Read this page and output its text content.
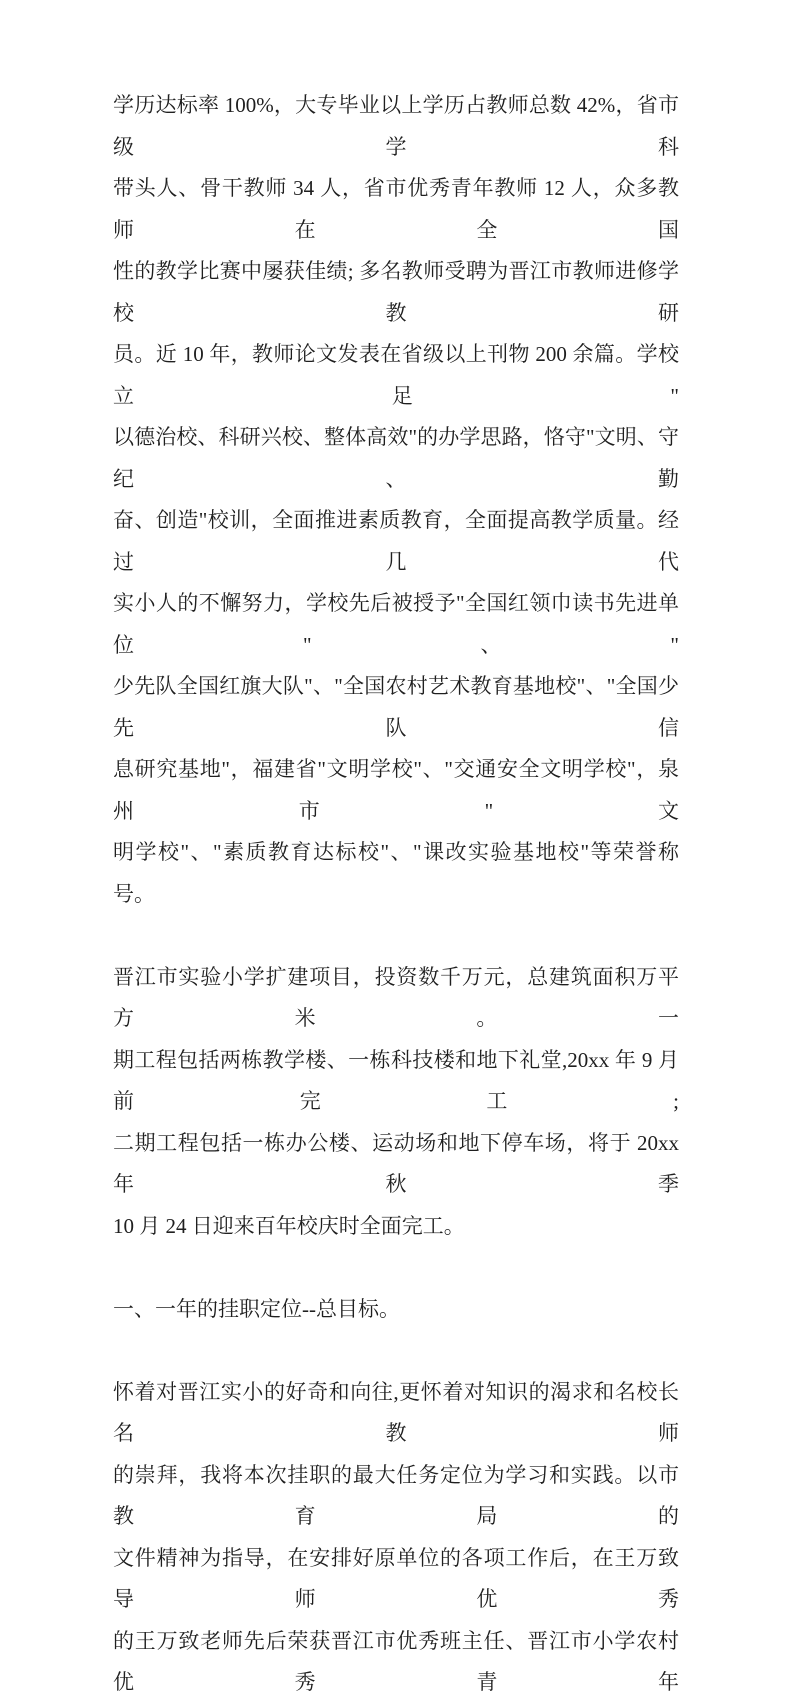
学历达标率 100%，大专毕业以上学历占教师总数 42%，省市级学科
带头人、骨干教师 34 人，省市优秀青年教师 12 人，众多教师在全国
性的教学比赛中屡获佳绩; 多名教师受聘为晋江市教师进修学校教研
员。近 10 年，教师论文发表在省级以上刊物 200 余篇。学校立足"
以德治校、科研兴校、整体高效"的办学思路，恪守"文明、守纪、勤
奋、创造"校训，全面推进素质教育，全面提高教学质量。经过几代
实小人的不懈努力，学校先后被授予"全国红领巾读书先进单位"、"
少先队全国红旗大队"、"全国农村艺术教育基地校"、"全国少先队信
息研究基地"，福建省"文明学校"、"交通安全文明学校"，泉州市"文
明学校"、"素质教育达标校"、"课改实验基地校"等荣誉称号。
晋江市实验小学扩建项目，投资数千万元，总建筑面积万平方米。一
期工程包括两栋教学楼、一栋科技楼和地下礼堂,20xx 年 9 月前完工;
二期工程包括一栋办公楼、运动场和地下停车场，将于 20xx 年秋季
10 月 24 日迎来百年校庆时全面完工。
一、一年的挂职定位--总目标。
怀着对晋江实小的好奇和向往,更怀着对知识的渴求和名校长名教师
的崇拜，我将本次挂职的最大任务定位为学习和实践。以市教育局的
文件精神为指导，在安排好原单位的各项工作后，在王万致导师优秀
的王万致老师先后荣获晋江市优秀班主任、晋江市小学农村优秀青年
